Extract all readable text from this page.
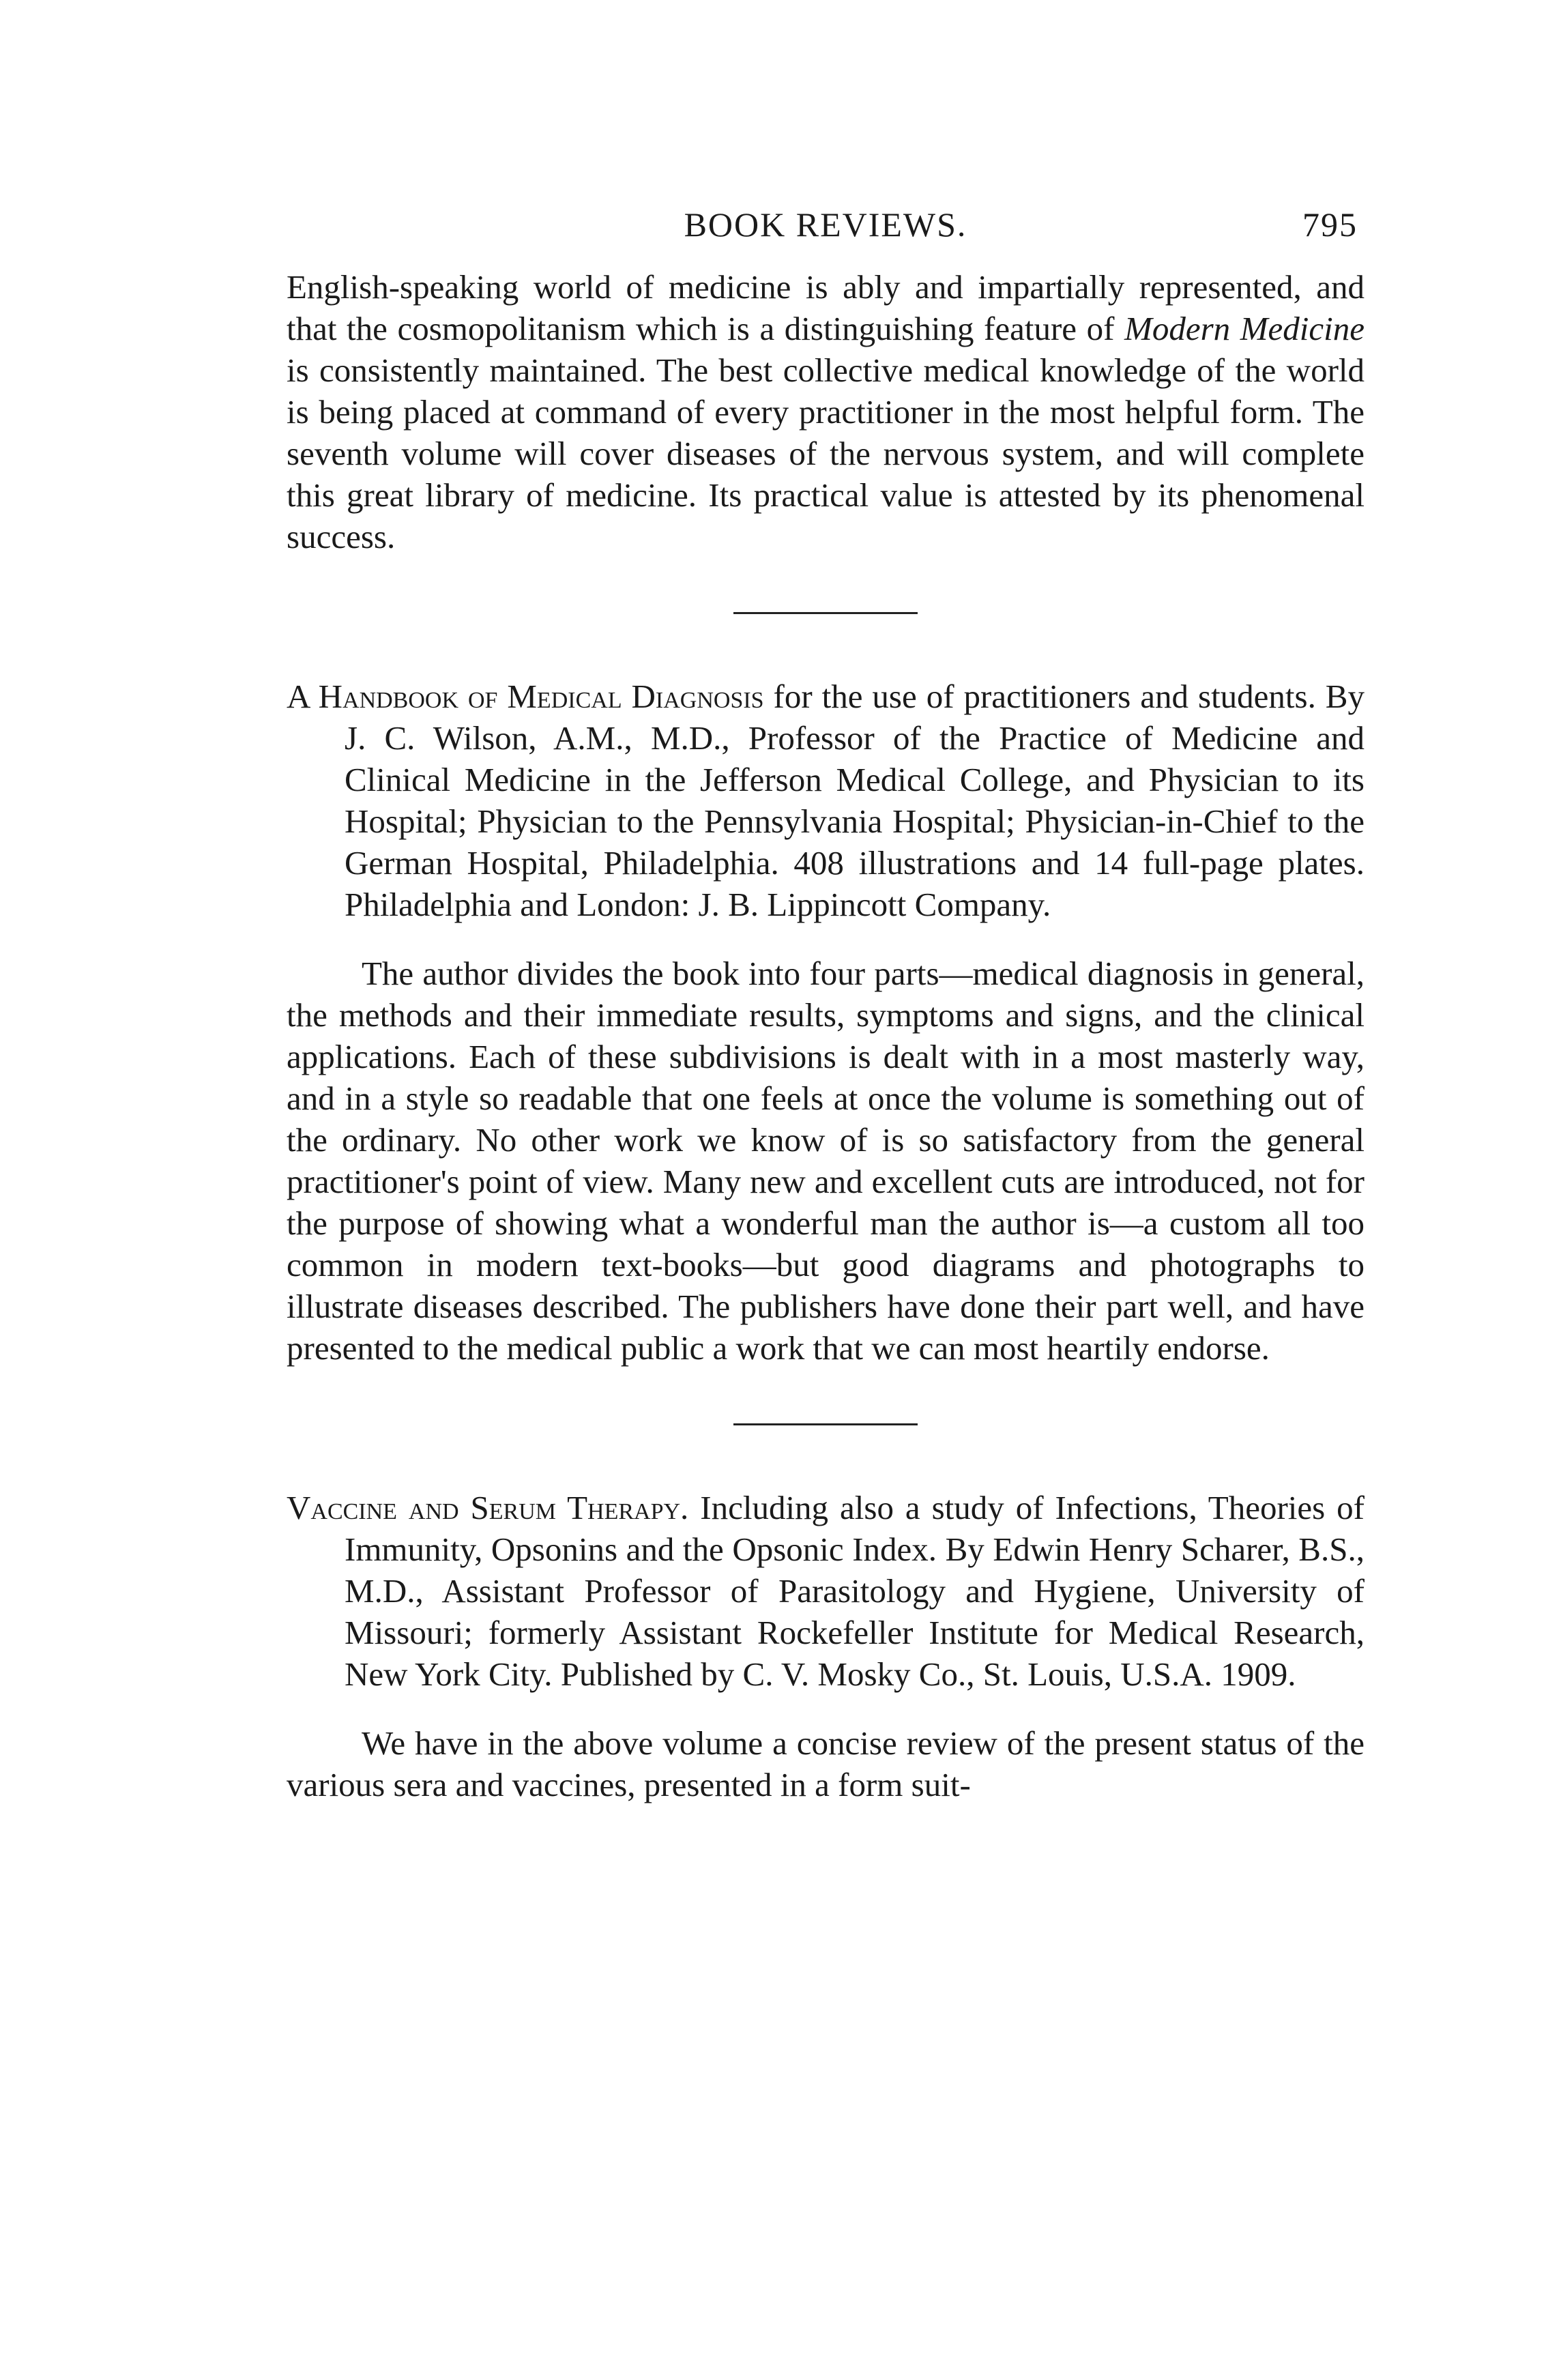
BOOK REVIEWS.	795

English-speaking world of medicine is ably and impartially represented, and that the cosmopolitanism which is a distinguishing feature of Modern Medicine is consistently maintained. The best collective medical knowledge of the world is being placed at command of every practitioner in the most helpful form. The seventh volume will cover diseases of the nervous system, and will complete this great library of medicine. Its practical value is attested by its phenomenal success.

A Handbook of Medical Diagnosis for the use of practitioners and students. By J. C. Wilson, A.M., M.D., Professor of the Practice of Medicine and Clinical Medicine in the Jefferson Medical College, and Physician to its Hospital; Physician to the Pennsylvania Hospital; Physician-in-Chief to the German Hospital, Philadelphia. 408 illustrations and 14 full-page plates. Philadelphia and London: J. B. Lippincott Company.

The author divides the book into four parts—medical diagnosis in general, the methods and their immediate results, symptoms and signs, and the clinical applications. Each of these subdivisions is dealt with in a most masterly way, and in a style so readable that one feels at once the volume is something out of the ordinary. No other work we know of is so satisfactory from the general practitioner's point of view. Many new and excellent cuts are introduced, not for the purpose of showing what a wonderful man the author is—a custom all too common in modern text-books—but good diagrams and photographs to illustrate diseases described. The publishers have done their part well, and have presented to the medical public a work that we can most heartily endorse.

Vaccine and Serum Therapy. Including also a study of Infections, Theories of Immunity, Opsonins and the Opsonic Index. By Edwin Henry Scharer, B.S., M.D., Assistant Professor of Parasitology and Hygiene, University of Missouri; formerly Assistant Rockefeller Institute for Medical Research, New York City. Published by C. V. Mosky Co., St. Louis, U.S.A. 1909.

We have in the above volume a concise review of the present status of the various sera and vaccines, presented in a form suit-
